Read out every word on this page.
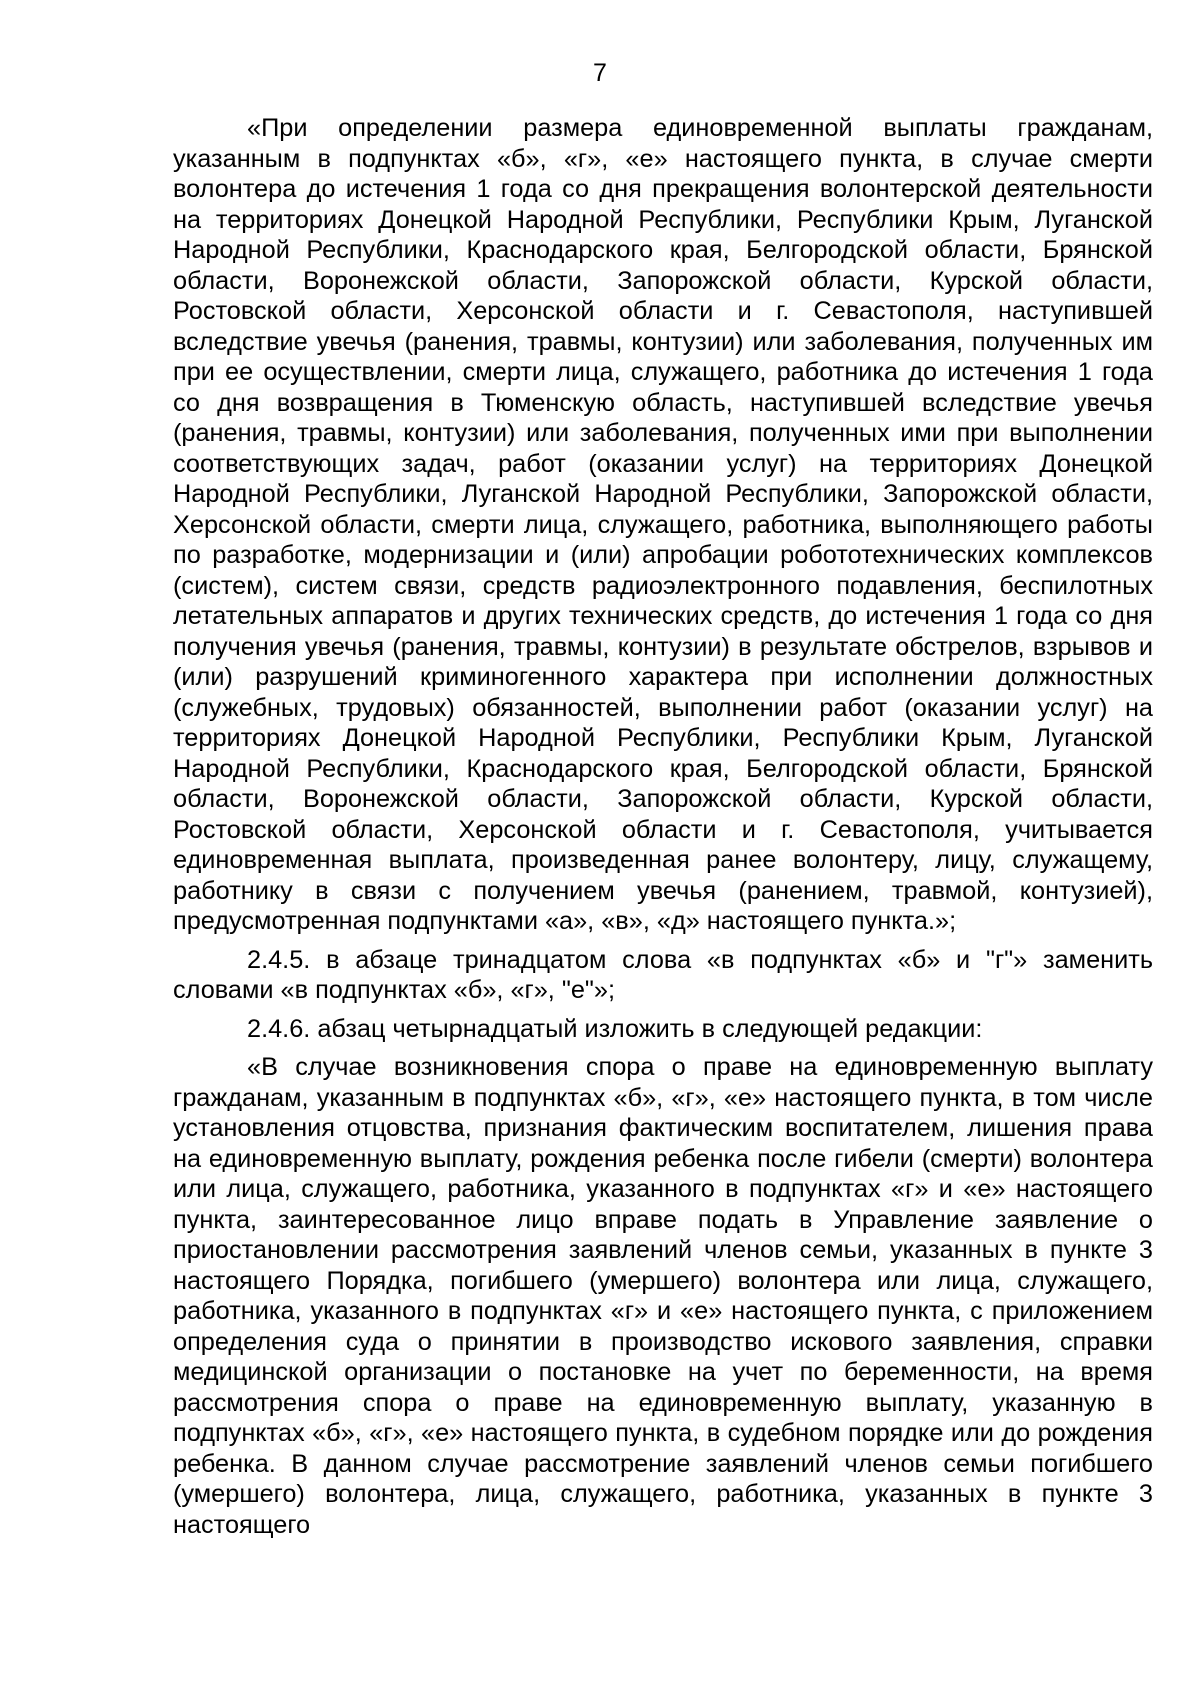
7

«При определении размера единовременной выплаты гражданам, указанным в подпунктах «б», «г», «е» настоящего пункта, в случае смерти волонтера до истечения 1 года со дня прекращения волонтерской деятельности на территориях Донецкой Народной Республики, Республики Крым, Луганской Народной Республики, Краснодарского края, Белгородской области, Брянской области, Воронежской области, Запорожской области, Курской области, Ростовской области, Херсонской области и г. Севастополя, наступившей вследствие увечья (ранения, травмы, контузии) или заболевания, полученных им при ее осуществлении, смерти лица, служащего, работника до истечения 1 года со дня возвращения в Тюменскую область, наступившей вследствие увечья (ранения, травмы, контузии) или заболевания, полученных ими при выполнении соответствующих задач, работ (оказании услуг) на территориях Донецкой Народной Республики, Луганской Народной Республики, Запорожской области, Херсонской области, смерти лица, служащего, работника, выполняющего работы по разработке, модернизации и (или) апробации робототехнических комплексов (систем), систем связи, средств радиоэлектронного подавления, беспилотных летательных аппаратов и других технических средств, до истечения 1 года со дня получения увечья (ранения, травмы, контузии) в результате обстрелов, взрывов и (или) разрушений криминогенного характера при исполнении должностных (служебных, трудовых) обязанностей, выполнении работ (оказании услуг) на территориях Донецкой Народной Республики, Республики Крым, Луганской Народной Республики, Краснодарского края, Белгородской области, Брянской области, Воронежской области, Запорожской области, Курской области, Ростовской области, Херсонской области и г. Севастополя, учитывается единовременная выплата, произведенная ранее волонтеру, лицу, служащему, работнику в связи с получением увечья (ранением, травмой, контузией), предусмотренная подпунктами «а», «в», «д» настоящего пункта.»;

2.4.5. в абзаце тринадцатом слова «в подпунктах «б» и "г"» заменить словами «в подпунктах «б», «г», "е"»;

2.4.6. абзац четырнадцатый изложить в следующей редакции:

«В случае возникновения спора о праве на единовременную выплату гражданам, указанным в подпунктах «б», «г», «е» настоящего пункта, в том числе установления отцовства, признания фактическим воспитателем, лишения права на единовременную выплату, рождения ребенка после гибели (смерти) волонтера или лица, служащего, работника, указанного в подпунктах «г» и «е» настоящего пункта, заинтересованное лицо вправе подать в Управление заявление о приостановлении рассмотрения заявлений членов семьи, указанных в пункте 3 настоящего Порядка, погибшего (умершего) волонтера или лица, служащего, работника, указанного в подпунктах «г» и «е» настоящего пункта, с приложением определения суда о принятии в производство искового заявления, справки медицинской организации о постановке на учет по беременности, на время рассмотрения спора о праве на единовременную выплату, указанную в подпунктах «б», «г», «е» настоящего пункта, в судебном порядке или до рождения ребенка. В данном случае рассмотрение заявлений членов семьи погибшего (умершего) волонтера, лица, служащего, работника, указанных в пункте 3 настоящего
